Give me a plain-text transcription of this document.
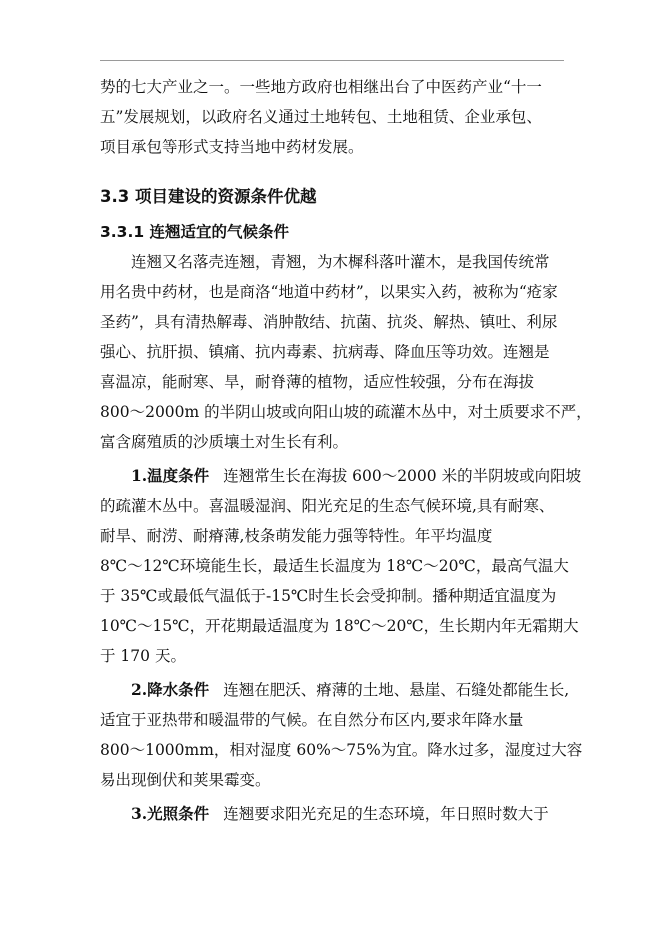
势的七大产业之一。一些地方政府也相继出台了中医药产业“十一
五”发展规划，以政府名义通过土地转包、土地租赁、企业承包、
项目承包等形式支持当地中药材发展。
3.3 项目建设的资源条件优越
3.3.1 连翘适宜的气候条件
连翘又名落壳连翘，青翘，为木樨科落叶灌木，是我国传统常
用名贵中药材，也是商洛“地道中药材”，以果实入药，被称为“疮家
圣药”，具有清热解毒、消肿散结、抗菌、抗炎、解热、镇吐、利尿
强心、抗肝损、镇痛、抗内毒素、抗病毒、降血压等功效。连翘是
喜温凉，能耐寒、旱，耐脊薄的植物，适应性较强，分布在海拔
800～2000m 的半阴山坡或向阳山坡的疏灌木丛中，对土质要求不严，
富含腐殖质的沙质壤土对生长有利。
1.温度条件 连翘常生长在海拔 600～2000 米的半阴坡或向阳坡
的疏灌木丛中。喜温暖湿润、阳光充足的生态气候环境,具有耐寒、
耐旱、耐涝、耐瘠薄,枝条萌发能力强等特性。年平均温度
8℃～12℃环境能生长，最适生长温度为 18℃～20℃，最高气温大
于 35℃或最低气温低于-15℃时生长会受抑制。播种期适宜温度为
10℃～15℃，开花期最适温度为 18℃～20℃，生长期内年无霜期大
于 170 天。
2.降水条件 连翘在肥沃、瘠薄的土地、悬崖、石缝处都能生长,
适宜于亚热带和暖温带的气候。在自然分布区内,要求年降水量
800～1000mm，相对湿度 60%～75%为宜。降水过多，湿度过大容
易出现倒伏和荚果霉变。
3.光照条件 连翘要求阳光充足的生态环境，年日照时数大于
